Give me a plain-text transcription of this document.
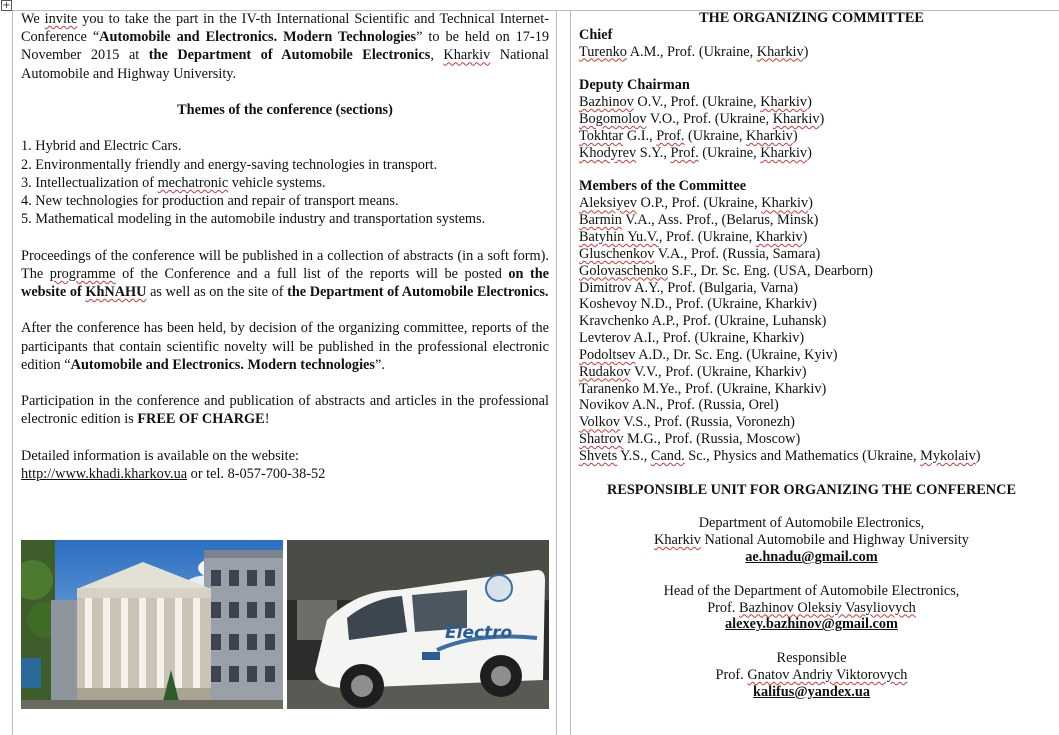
+

We invite you to take the part in the IV-th International Scientific and Technical Internet-Conference “Automobile and Electronics. Modern Technologies” to be held on 17-19 November 2015 at the Department of Automobile Electronics, Kharkiv National Automobile and Highway University.

Themes of the conference (sections)

1. Hybrid and Electric Cars.

2. Environmentally friendly and energy-saving technologies in transport.

3. Intellectualization of mechatronic vehicle systems.

4. New technologies for production and repair of transport means.

5. Mathematical modeling in the automobile industry and transportation systems.

Proceedings of the conference will be published in a collection of abstracts (in a soft form). The programme of the Conference and a full list of the reports will be posted on the website of KhNAHU as well as on the site of the Department of Automobile Electronics.

After the conference has been held, by decision of the organizing committee, reports of the participants that contain scientific novelty will be published in the professional electronic edition “Automobile and Electronics. Modern technologies”.

Participation in the conference and publication of abstracts and articles in the professional electronic edition is FREE OF CHARGE!

Detailed information is available on the website:

http://www.khadi.kharkov.ua or tel. 8-057-700-38-52

Electro

THE ORGANIZING COMMITTEE

Chief

Turenko A.M., Prof. (Ukraine, Kharkiv)

Deputy Chairman

Bazhinov O.V., Prof. (Ukraine, Kharkiv)

Bogomolov V.O., Prof. (Ukraine, Kharkiv)

Tokhtar G.I., Prof. (Ukraine, Kharkiv)

Khodyrev S.Y., Prof. (Ukraine, Kharkiv)

Members of the Committee

Aleksiyev O.P., Prof. (Ukraine, Kharkiv)

Barmin V.A., Ass. Prof., (Belarus, Minsk)

Batyhin Yu.V., Prof. (Ukraine, Kharkiv)

Gluschenkov V.A., Prof. (Russia, Samara)

Golovaschenko S.F., Dr. Sc. Eng. (USA, Dearborn)

Dimitrov A.Y., Prof. (Bulgaria, Varna)

Koshevoy N.D., Prof. (Ukraine, Kharkiv)

Kravchenko A.P., Prof. (Ukraine, Luhansk)

Levterov A.I., Prof. (Ukraine, Kharkiv)

Podoltsev A.D., Dr. Sc. Eng. (Ukraine, Kyiv)

Rudakov V.V., Prof. (Ukraine, Kharkiv)

Taranenko M.Ye., Prof. (Ukraine, Kharkiv)

Novikov A.N., Prof. (Russia, Orel)

Volkov V.S., Prof. (Russia, Voronezh)

Shatrov M.G., Prof. (Russia, Moscow)

Shvets Y.S., Cand. Sc., Physics and Mathematics (Ukraine, Mykolaiv)

RESPONSIBLE UNIT FOR ORGANIZING THE CONFERENCE

Department of Automobile Electronics,

Kharkiv National Automobile and Highway University

ae.hnadu@gmail.com

Head of the Department of Automobile Electronics,

Prof. Bazhinov Oleksiy Vasyliovych

alexey.bazhinov@gmail.com

Responsible

Prof. Gnatov Andriy Viktorovych

kalifus@yandex.ua
